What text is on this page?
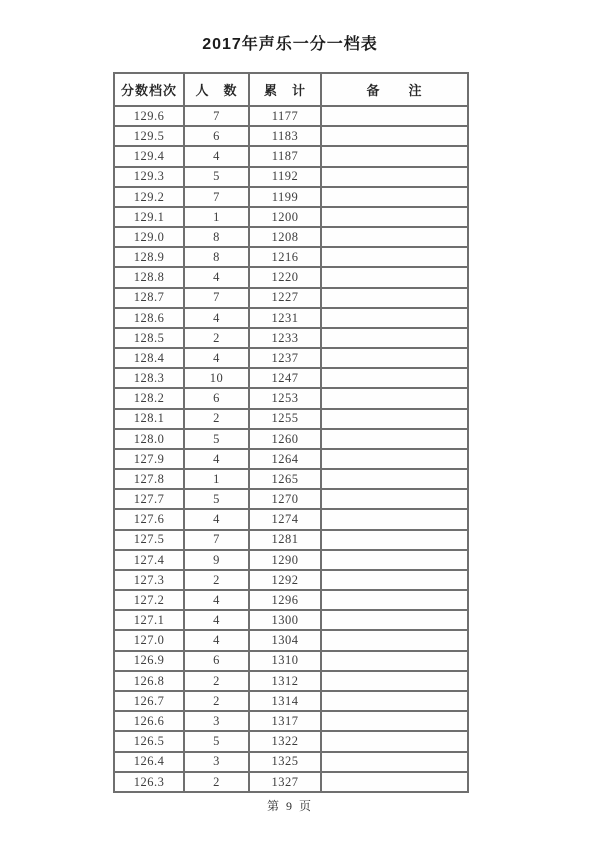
2017年声乐一分一档表
分数档次	人　数	累　计	备　　注
129.6	7	1177	
129.5	6	1183	
129.4	4	1187	
129.3	5	1192	
129.2	7	1199	
129.1	1	1200	
129.0	8	1208	
128.9	8	1216	
128.8	4	1220	
128.7	7	1227	
128.6	4	1231	
128.5	2	1233	
128.4	4	1237	
128.3	10	1247	
128.2	6	1253	
128.1	2	1255	
128.0	5	1260	
127.9	4	1264	
127.8	1	1265	
127.7	5	1270	
127.6	4	1274	
127.5	7	1281	
127.4	9	1290	
127.3	2	1292	
127.2	4	1296	
127.1	4	1300	
127.0	4	1304	
126.9	6	1310	
126.8	2	1312	
126.7	2	1314	
126.6	3	1317	
126.5	5	1322	
126.4	3	1325	
126.3	2	1327	
第 9 页
